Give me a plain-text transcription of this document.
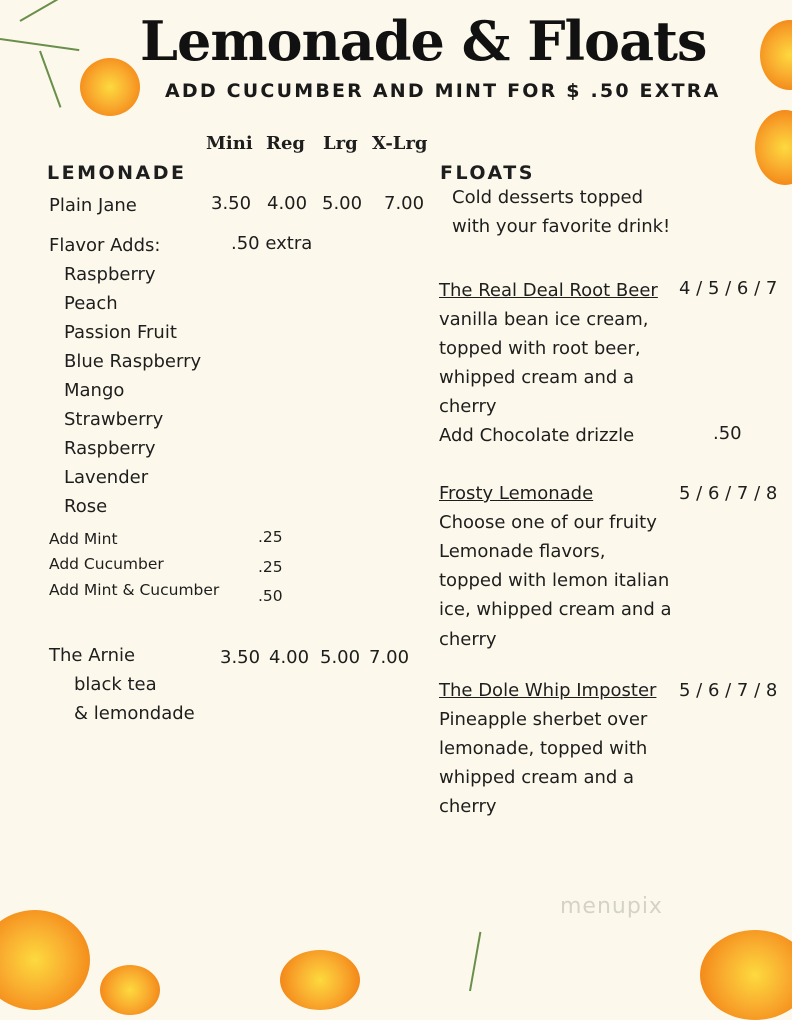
Lemonade & Floats
ADD CUCUMBER AND MINT FOR $ .50 EXTRA
Mini Reg Lrg X-Lrg
LEMONADE
Plain Jane	3.50 4.00 5.00 7.00
Flavor Adds:	.50 extra
Raspberry
Peach
Passion Fruit
Blue Raspberry
Mango
Strawberry
Raspberry
Lavender
Rose
Add Mint	.25
Add Cucumber	.25
Add Mint & Cucumber .50
The Arnie	3.50 4.00 5.00 7.00
black tea
& lemondade
FLOATS
Cold desserts topped
with your favorite drink!
The Real Deal Root Beer 4 / 5 / 6 / 7
vanilla bean ice cream,
topped with root beer,
whipped cream and a
cherry
Add Chocolate drizzle	.50
Frosty Lemonade	5 / 6 / 7 / 8
Choose one of our fruity
Lemonade flavors,
topped with lemon italian
ice, whipped cream and a
cherry
The Dole Whip Imposter 5 / 6 / 7 / 8
Pineapple sherbet over
lemonade, topped with
whipped cream and a
cherry
menupix
